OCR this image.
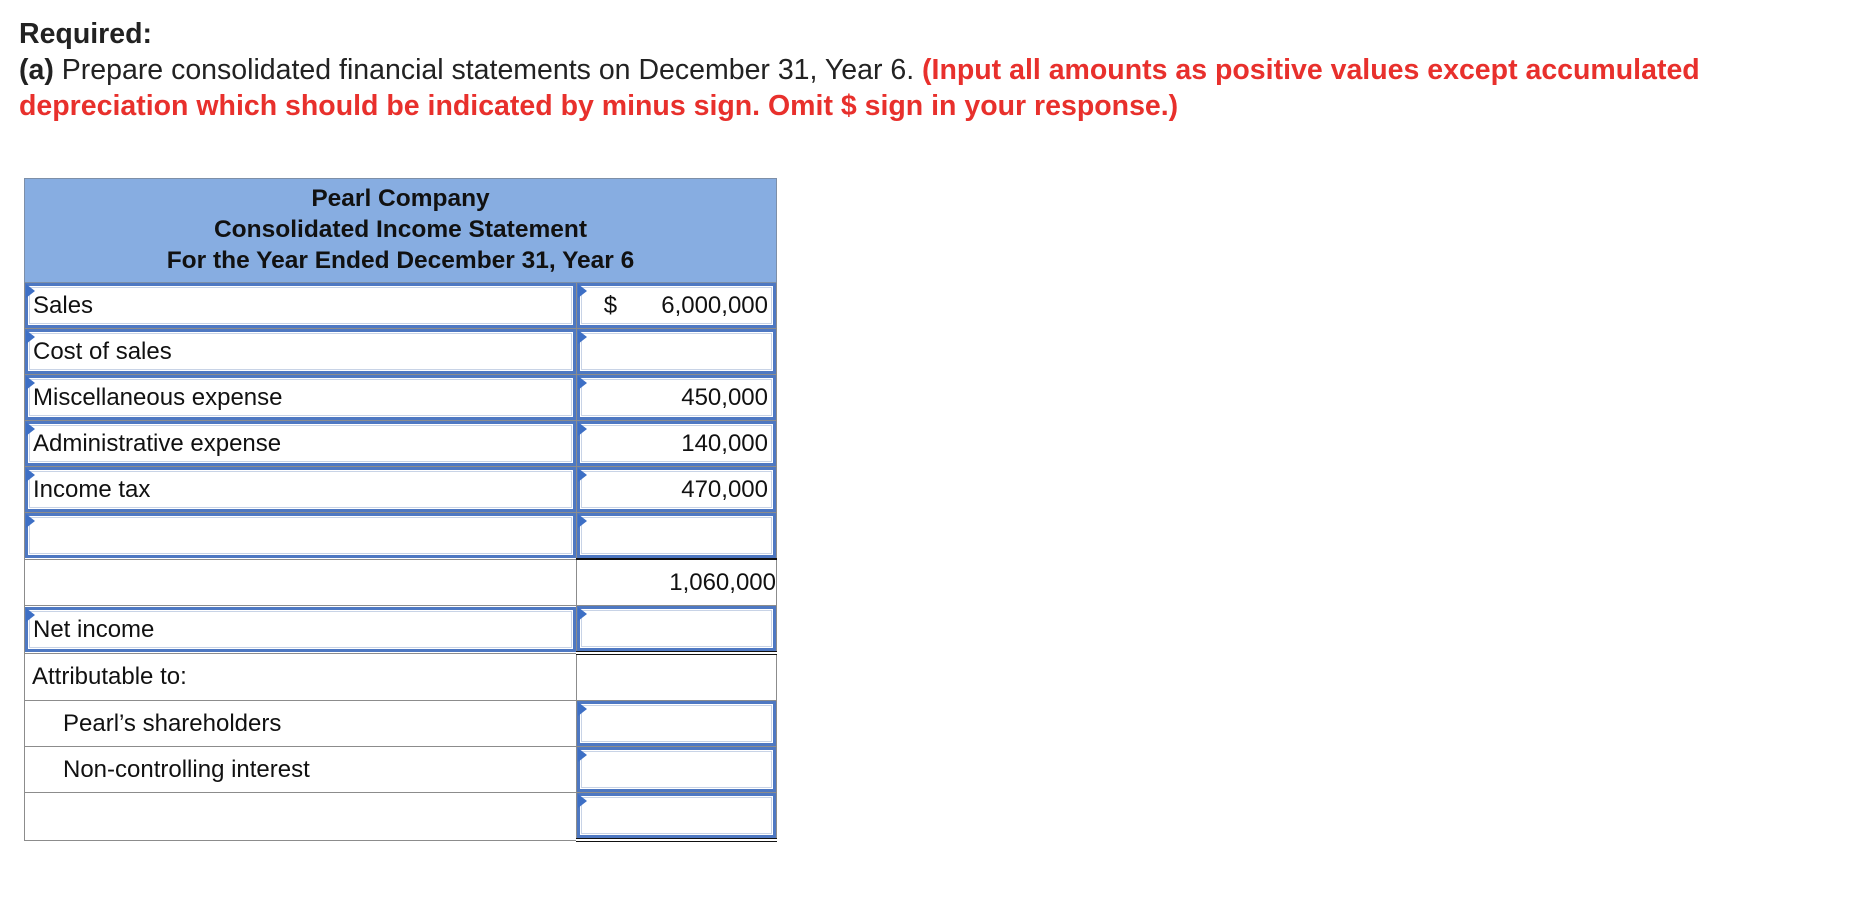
Required:
(a) Prepare consolidated financial statements on December 31, Year 6. (Input all amounts as positive values except accumulated depreciation which should be indicated by minus sign. Omit $ sign in your response.)
Pearl Company
Consolidated Income Statement
For the Year Ended December 31, Year 6	

Sales	$ 6,000,000

Cost of sales	

Miscellaneous expense	450,000

Administrative expense	140,000

Income tax	470,000

	1,060,000

Net income	

Attributable to:	
Pearl’s shareholders	

Non-controlling interest	
